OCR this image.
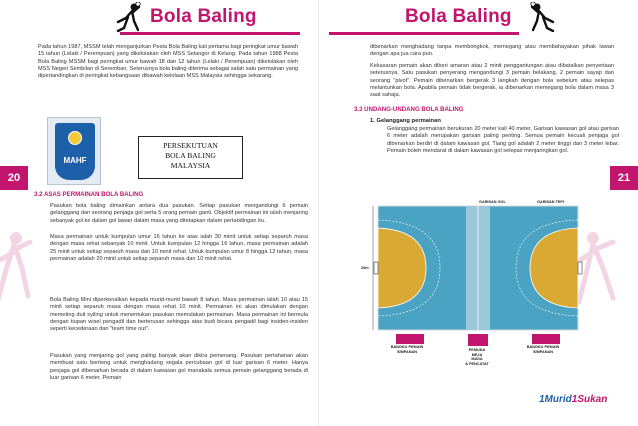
Bola Baling
20
Pada tahun 1987, MSSM telah menganjurkan Pesta Bola Baling kali pertama bagi peringkat umur bawah 15 tahun (Lelaki / Perempuan) yang dikelolakan oleh MSS Selangor di Kelang. Pada tahun 1988 Pesta Bola Baling MSSM bagi peringkat umur bawah 18 dan 12 tahun (Lelaki / Perempuan) dikelolakan oleh MSS Negeri Sembilan di Seremban. Seterusnya bola baling diterima sebagai salah satu permainan yang dipertandingkan di peringkat kebangsaan dibawah kelolaan MSS Malaysia sehingga sekarang.
MAHF
PERSEKUTUAN
BOLA BALING
MALAYSIA
3.2 ASAS PERMAINAN BOLA BALING
Pasukan bola baling dimainkan antara dua pasukan. Setiap pasukan mengandungi 6 pemain gelanggang dan seorang penjaga gol serta 5 orang pemain ganti. Objektif permainan ini ialah menjaring sebanyak gol ke dalam gol lawan dalam masa yang ditetapkan dalam pertandingan itu.
Masa permainan untuk kumpulan umur 16 tahun ke atas ialah 30 minit untuk setiap separuh masa dengan masa rehat sebanyak 10 minit. Untuk kumpulan 12 hingga 16 tahun, masa permainan adalah 25 minit untuk setiap separuh masa dan 10 minit rehat. Untuk kumpulan umur 8 hingga 12 tahun, masa permainan adalah 20 minit untuk setiap separuh masa dan 10 minit rehat.
Bola Baling Mini diperkenalkan kepada murid-murid bawah 8 tahun. Masa permainan ialah 10 atau 15 minit setiap separuh masa dengan masa rehat 10 minit. Permainan ini akan dimulakan dengan memeting duit syiling untuk menentukan pasukan memulakan permainan. Masa permainan ini bermula dengan tiupan wisel pengadil dan berterusan sehingga atas budi bicara pengadil bagi insiden-insiden seperti kecederaan dan "team time out".
Pasukan yang menjaring gol yang paling banyak akan dikira pemenang. Pasukan pertahanan akan membuat satu benteng untuk menghadang segala percubaan gol di luar garisan 6 meter. Hanya penjaga gol dibenarkan berada di dalam kawasan gol manakala semua pemain gelanggang berada di luar garisan 6 meter. Pemain
Bola Baling
21
dibenarkan menghadang tanpa membongkok, memegang atau membahayakan pihak lawan dengan apa jua cara pun.
Kekasaran pemain akan diberi amaran atau 2 minit penggantungan atau dibatalkan penyertaan seterusnya. Satu pasukan penyerang mengandungi 3 pemain belakang, 2 pemain sayap dan seorang "pivot". Pemain dibenarkan bergerak 3 langkah dengan bola sebelum atau selepas melantunkan bola. Apabila pemain tidak bergerak, ia dibenarkan memegang bola dalam masa 3 saat sahaja.
3.3 UNDANG-UNDANG BOLA BALING
1. Gelanggang permainan
Gelanggang permainan berukuran 20 meter kali 40 meter. Garisan kawasan gol atau garisan 6 meter adalah merupakan garisan paling penting. Semua pemain kecuali penjaga gol dibenarkan berdiri di dalam kawasan gol. Tiang gol adalah 2 meter tinggi dan 3 meter lebar. Pemain boleh mendarat di dalam kawasan gol selepas menjaringkan gol.
GARISAN GOL	GARISAN TEPI
20m
BANGKU PEMAIN
SIMPANAN	PEMUDA
MEJA
MASA
& PENCATAT
BANGKU PEMAIN
SIMPANAN
1Murid1Sukan
